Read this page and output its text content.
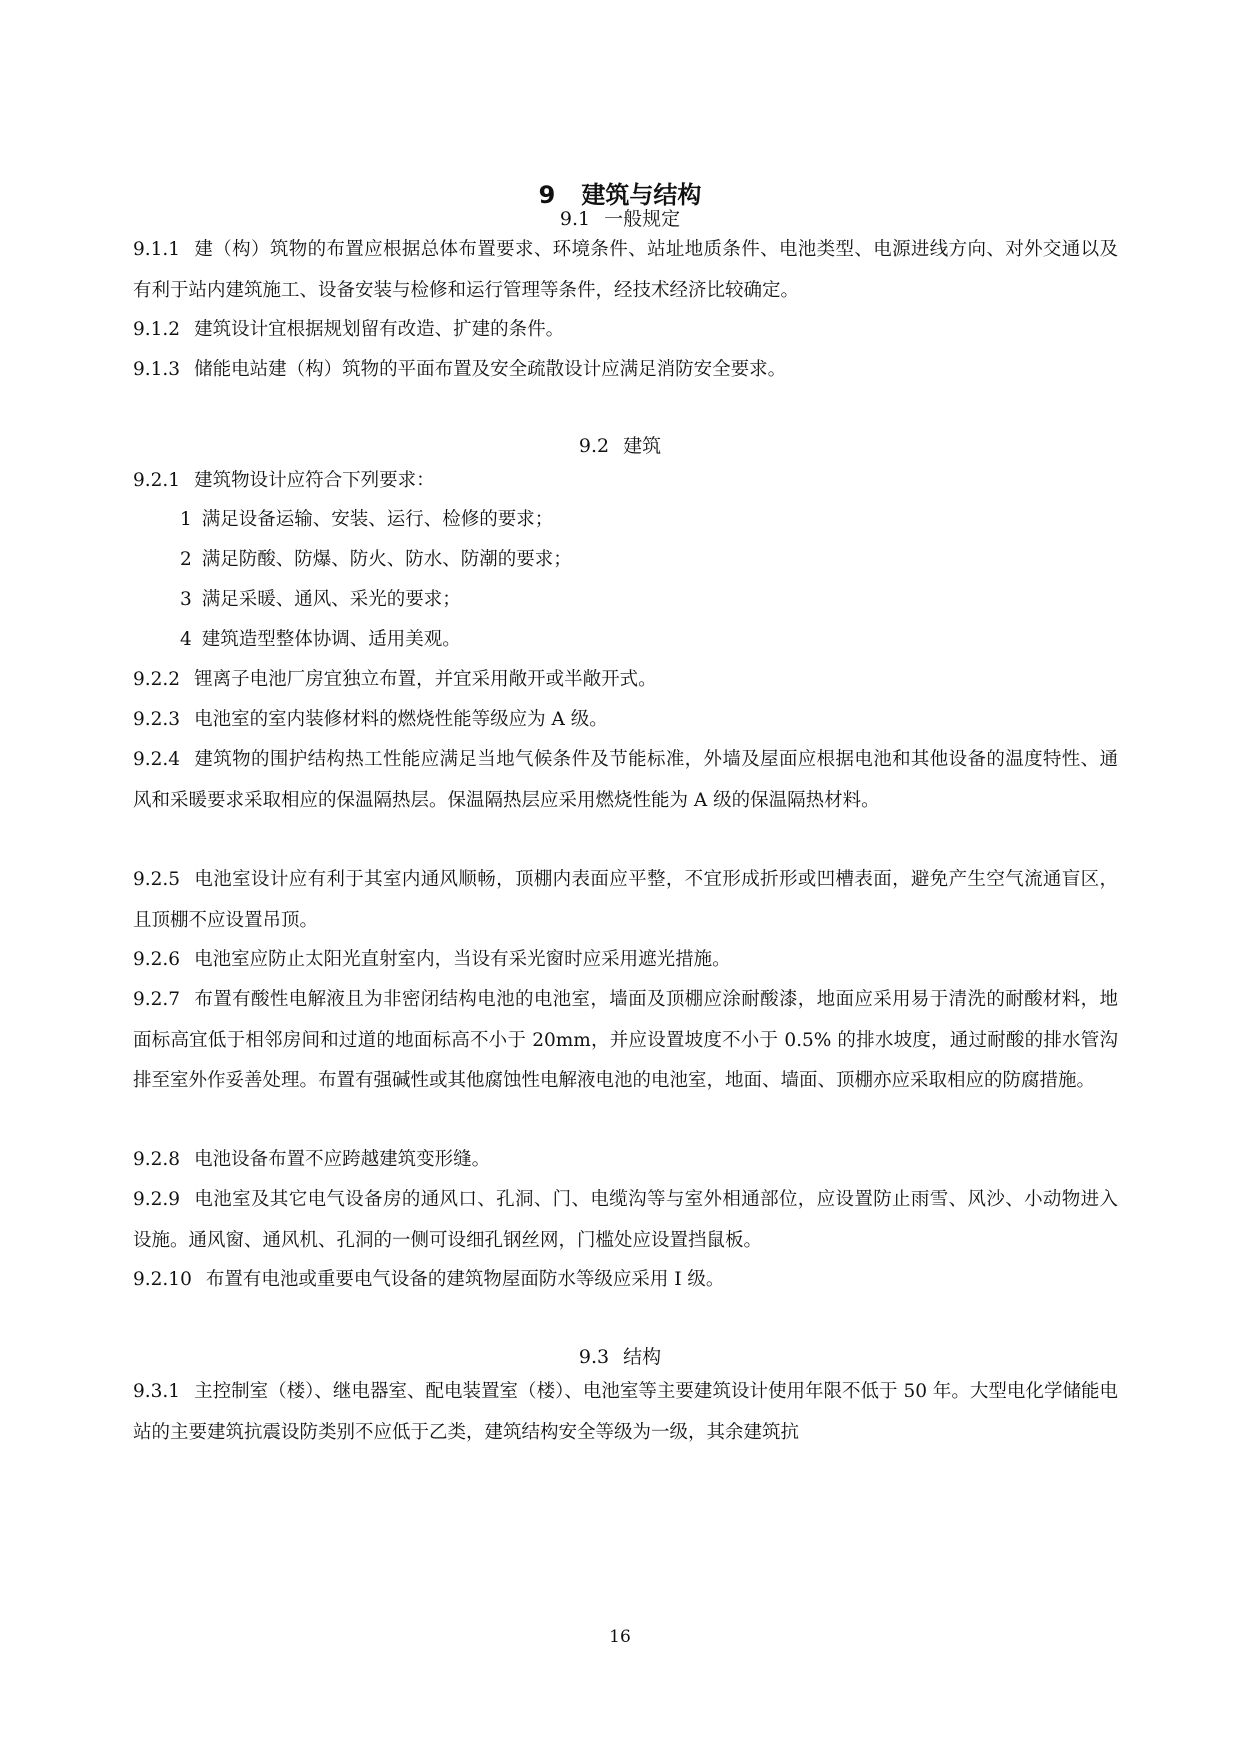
9 建筑与结构
9.1 一般规定
9.1.1 建（构）筑物的布置应根据总体布置要求、环境条件、站址地质条件、电池类型、电源进线方向、对外交通以及有利于站内建筑施工、设备安装与检修和运行管理等条件，经技术经济比较确定。
9.1.2 建筑设计宜根据规划留有改造、扩建的条件。
9.1.3 储能电站建（构）筑物的平面布置及安全疏散设计应满足消防安全要求。
9.2 建筑
9.2.1 建筑物设计应符合下列要求：
1 满足设备运输、安装、运行、检修的要求；
2 满足防酸、防爆、防火、防水、防潮的要求；
3 满足采暖、通风、采光的要求；
4 建筑造型整体协调、适用美观。
9.2.2 锂离子电池厂房宜独立布置，并宜采用敞开或半敞开式。
9.2.3 电池室的室内装修材料的燃烧性能等级应为 A 级。
9.2.4 建筑物的围护结构热工性能应满足当地气候条件及节能标准，外墙及屋面应根据电池和其他设备的温度特性、通风和采暖要求采取相应的保温隔热层。保温隔热层应采用燃烧性能为 A 级的保温隔热材料。
9.2.5 电池室设计应有利于其室内通风顺畅，顶棚内表面应平整，不宜形成折形或凹槽表面，避免产生空气流通盲区，且顶棚不应设置吊顶。
9.2.6 电池室应防止太阳光直射室内，当设有采光窗时应采用遮光措施。
9.2.7 布置有酸性电解液且为非密闭结构电池的电池室，墙面及顶棚应涂耐酸漆，地面应采用易于清洗的耐酸材料，地面标高宜低于相邻房间和过道的地面标高不小于 20mm，并应设置坡度不小于 0.5% 的排水坡度，通过耐酸的排水管沟排至室外作妥善处理。布置有强碱性或其他腐蚀性电解液电池的电池室，地面、墙面、顶棚亦应采取相应的防腐措施。
9.2.8 电池设备布置不应跨越建筑变形缝。
9.2.9 电池室及其它电气设备房的通风口、孔洞、门、电缆沟等与室外相通部位，应设置防止雨雪、风沙、小动物进入设施。通风窗、通风机、孔洞的一侧可设细孔钢丝网，门槛处应设置挡鼠板。
9.2.10 布置有电池或重要电气设备的建筑物屋面防水等级应采用 I 级。
9.3 结构
9.3.1 主控制室（楼）、继电器室、配电装置室（楼）、电池室等主要建筑设计使用年限不低于 50 年。大型电化学储能电站的主要建筑抗震设防类别不应低于乙类，建筑结构安全等级为一级，其余建筑抗
16
